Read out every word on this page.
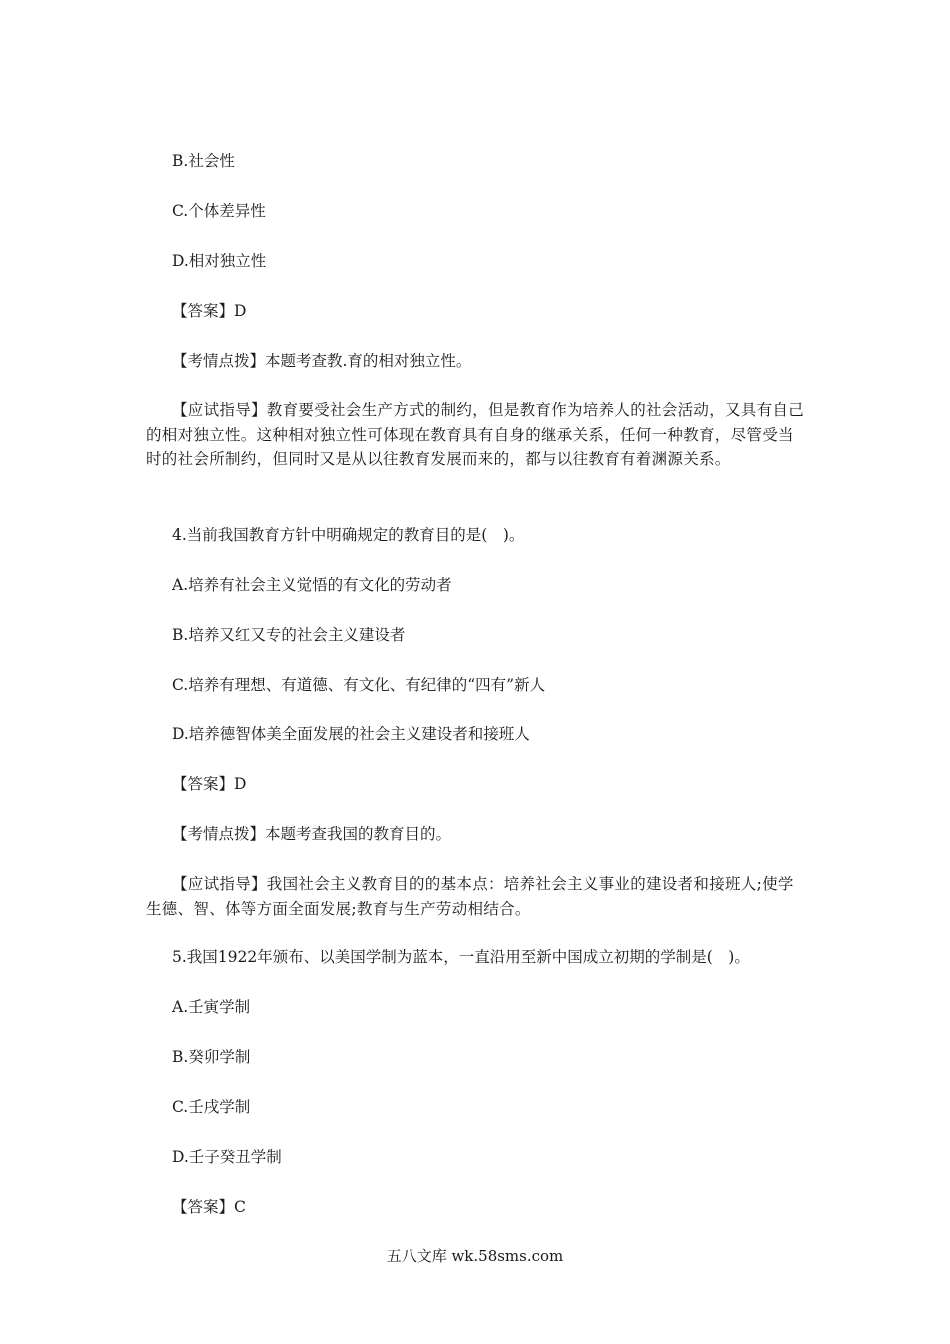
B.社会性
C.个体差异性
D.相对独立性
【答案】D
【考情点拨】本题考查教.育的相对独立性。
【应试指导】教育要受社会生产方式的制约，但是教育作为培养人的社会活动，又具有自己的相对独立性。这种相对独立性可体现在教育具有自身的继承关系，任何一种教育，尽管受当时的社会所制约，但同时又是从以往教育发展而来的，都与以往教育有着渊源关系。
4.当前我国教育方针中明确规定的教育目的是(　)。
A.培养有社会主义觉悟的有文化的劳动者
B.培养又红又专的社会主义建设者
C.培养有理想、有道德、有文化、有纪律的“四有”新人
D.培养德智体美全面发展的社会主义建设者和接班人
【答案】D
【考情点拨】本题考查我国的教育目的。
【应试指导】我国社会主义教育目的的基本点：培养社会主义事业的建设者和接班人;使学生德、智、体等方面全面发展;教育与生产劳动相结合。
5.我国1922年颁布、以美国学制为蓝本，一直沿用至新中国成立初期的学制是(　)。
A.壬寅学制
B.癸卯学制
C.壬戌学制
D.壬子癸丑学制
【答案】C
五八文库 wk.58sms.com
